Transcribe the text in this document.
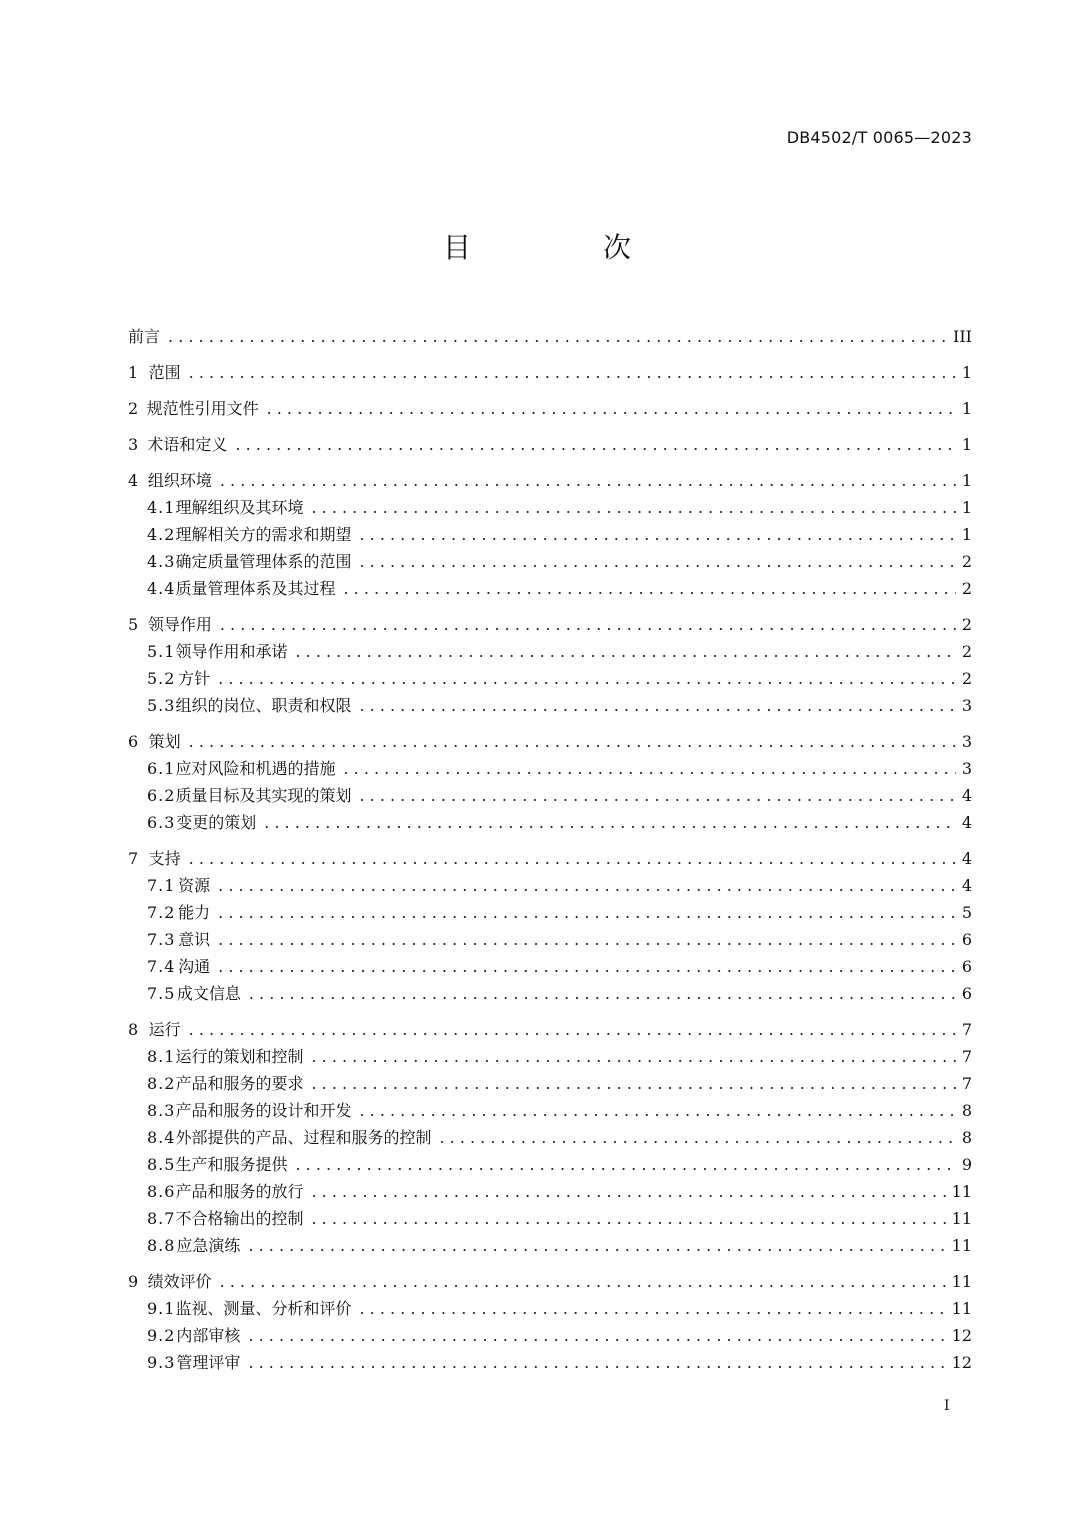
DB4502/T 0065—2023
目　次
前言 . . .	III
1 范围 . . .	1
2 规范性引用文件 . . .	1
3 术语和定义 . . .	1
4 组织环境 . . .	1
4.1 理解组织及其环境 . . .	1
4.2 理解相关方的需求和期望 . . .	1
4.3 确定质量管理体系的范围 . . .	2
4.4 质量管理体系及其过程 . . .	2
5 领导作用 . . .	2
5.1 领导作用和承诺 . . .	2
5.2 方针 . . .	2
5.3 组织的岗位、职责和权限 . . .	3
6 策划 . . .	3
6.1 应对风险和机遇的措施 . . .	3
6.2 质量目标及其实现的策划 . . .	4
6.3 变更的策划 . . .	4
7 支持 . . .	4
7.1 资源 . . .	4
7.2 能力 . . .	5
7.3 意识 . . .	6
7.4 沟通 . . .	6
7.5 成文信息 . . .	6
8 运行 . . .	7
8.1 运行的策划和控制 . . .	7
8.2 产品和服务的要求 . . .	7
8.3 产品和服务的设计和开发 . . .	8
8.4 外部提供的产品、过程和服务的控制 . . .	8
8.5 生产和服务提供 . . .	9
8.6 产品和服务的放行 . . .	11
8.7 不合格输出的控制 . . .	11
8.8 应急演练 . . .	11
9 绩效评价 . . .	11
9.1 监视、测量、分析和评价 . . .	11
9.2 内部审核 . . .	12
9.3 管理评审 . . .	12
I
